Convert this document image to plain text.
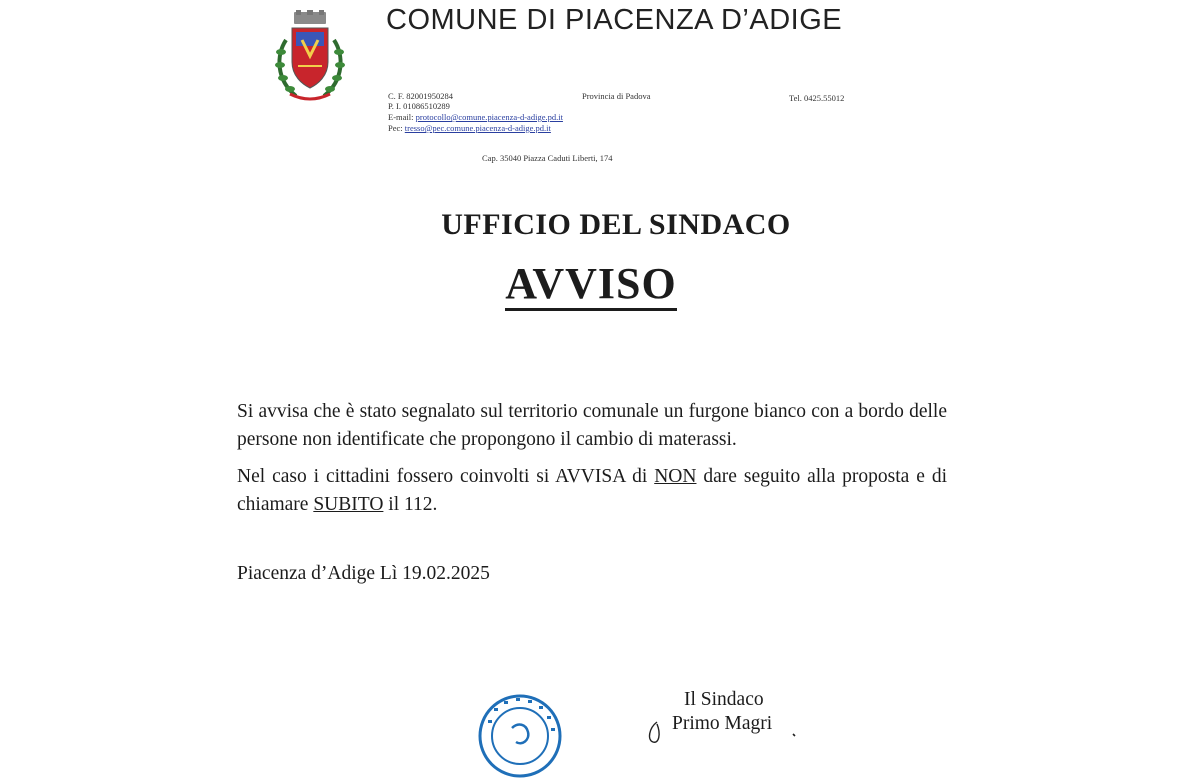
COMUNE DI PIACENZA D’ADIGE
C. F. 82001950284
P. I. 01086510289
E-mail: protocollo@comune.piacenza-d-adige.pd.it
Pec: tresso@pec.comune.piacenza-d-adige.pd.it
Provincia di Padova	Tel. 0425.55012
Cap. 35040 Piazza Caduti Liberti, 174
UFFICIO DEL SINDACO
AVVISO
Si avvisa che è stato segnalato sul territorio comunale un furgone bianco con a bordo delle persone non identificate che propongono il cambio di materassi.
Nel caso i cittadini fossero coinvolti si AVVISA di NON dare seguito alla proposta e di chiamare SUBITO il 112.
Piacenza d’Adige Lì 19.02.2025
Il Sindaco
Primo Magri
